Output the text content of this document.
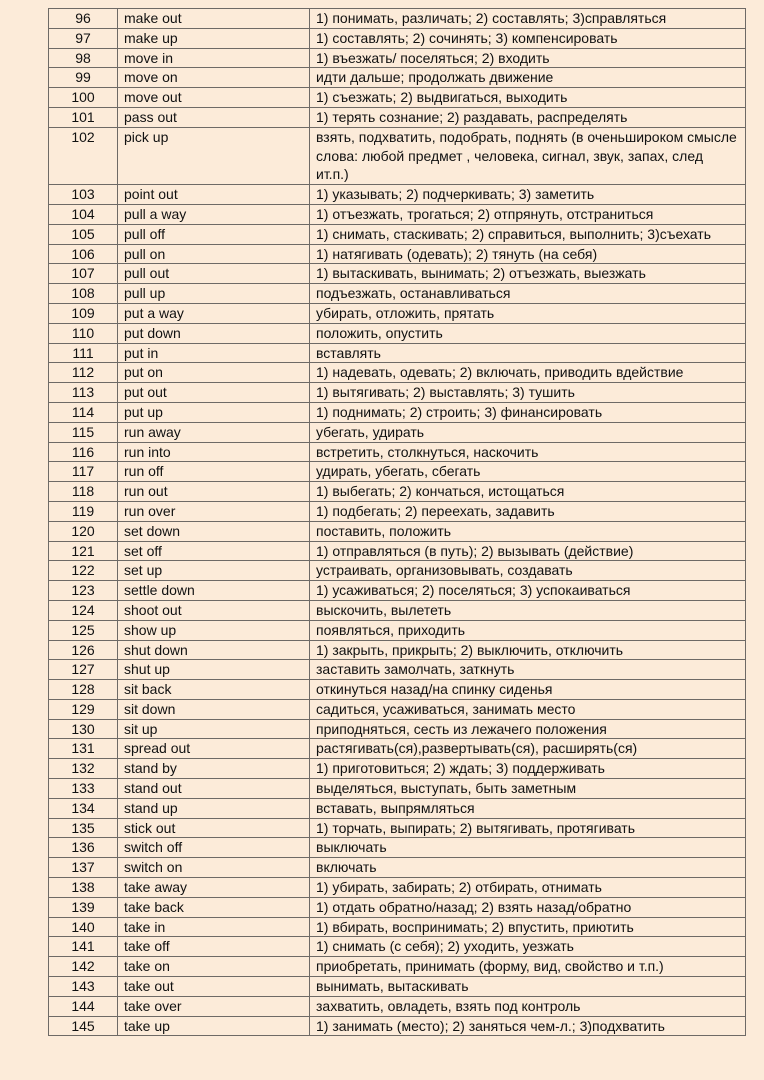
96	make out	1) понимать, различать; 2) составлять; 3)справляться
97	make up	1) составлять; 2) сочинять; 3) компенсировать
98	move in	1) въезжать/ поселяться; 2) входить
99	move on	идти дальше; продолжать движение
100	move out	1) съезжать; 2) выдвигаться, выходить
101	pass out	1) терять сознание; 2) раздавать, распределять
102	pick up	взять, подхватить, подобрать, поднять (в оченьшироком смысле слова: любой предмет , человека, сигнал, звук, запах, след ит.п.)
103	point out	1) указывать; 2) подчеркивать; 3) заметить
104	pull a way	1) отъезжать, трогаться; 2) отпрянуть, отстраниться
105	pull off	1) снимать, стаскивать; 2) справиться, выполнить; 3)съехать
106	pull on	1) натягивать (одевать); 2) тянуть (на себя)
107	pull out	1) вытаскивать, вынимать; 2) отъезжать, выезжать
108	pull up	подъезжать, останавливаться
109	put a way	убирать, отложить, прятать
110	put down	положить, опустить
111	put in	вставлять
112	put on	1) надевать, одевать; 2) включать, приводить вдействие
113	put out	1) вытягивать; 2) выставлять; 3) тушить
114	put up	1) поднимать; 2) строить; 3) финансировать
115	run away	убегать, удирать
116	run into	встретить, столкнуться, наскочить
117	run off	удирать, убегать, сбегать
118	run out	1) выбегать; 2) кончаться, истощаться
119	run over	1) подбегать; 2) переехать, задавить
120	set down	поставить, положить
121	set off	1) отправляться (в путь); 2) вызывать (действие)
122	set up	устраивать, организовывать, создавать
123	settle down	1) усаживаться; 2) поселяться; 3) успокаиваться
124	shoot out	выскочить, вылететь
125	show up	появляться, приходить
126	shut down	1) закрыть, прикрыть; 2) выключить, отключить
127	shut up	заставить замолчать, заткнуть
128	sit back	откинуться назад/на спинку сиденья
129	sit down	садиться, усаживаться, занимать место
130	sit up	приподняться, сесть из лежачего положения
131	spread out	растягивать(ся),развертывать(ся), расширять(ся)
132	stand by	1) приготовиться; 2) ждать; 3) поддерживать
133	stand out	выделяться, выступать, быть заметным
134	stand up	вставать, выпрямляться
135	stick out	1) торчать, выпирать; 2) вытягивать, протягивать
136	switch off	выключать
137	switch on	включать
138	take away	1) убирать, забирать; 2) отбирать, отнимать
139	take back	1) отдать обратно/назад; 2) взять назад/обратно
140	take in	1) вбирать, воспринимать; 2) впустить, приютить
141	take off	1) снимать (с себя); 2) уходить, уезжать
142	take on	приобретать, принимать (форму, вид, свойство и т.п.)
143	take out	вынимать, вытаскивать
144	take over	захватить, овладеть, взять под контроль
145	take up	1) занимать (место); 2) заняться чем-л.; 3)подхватить
